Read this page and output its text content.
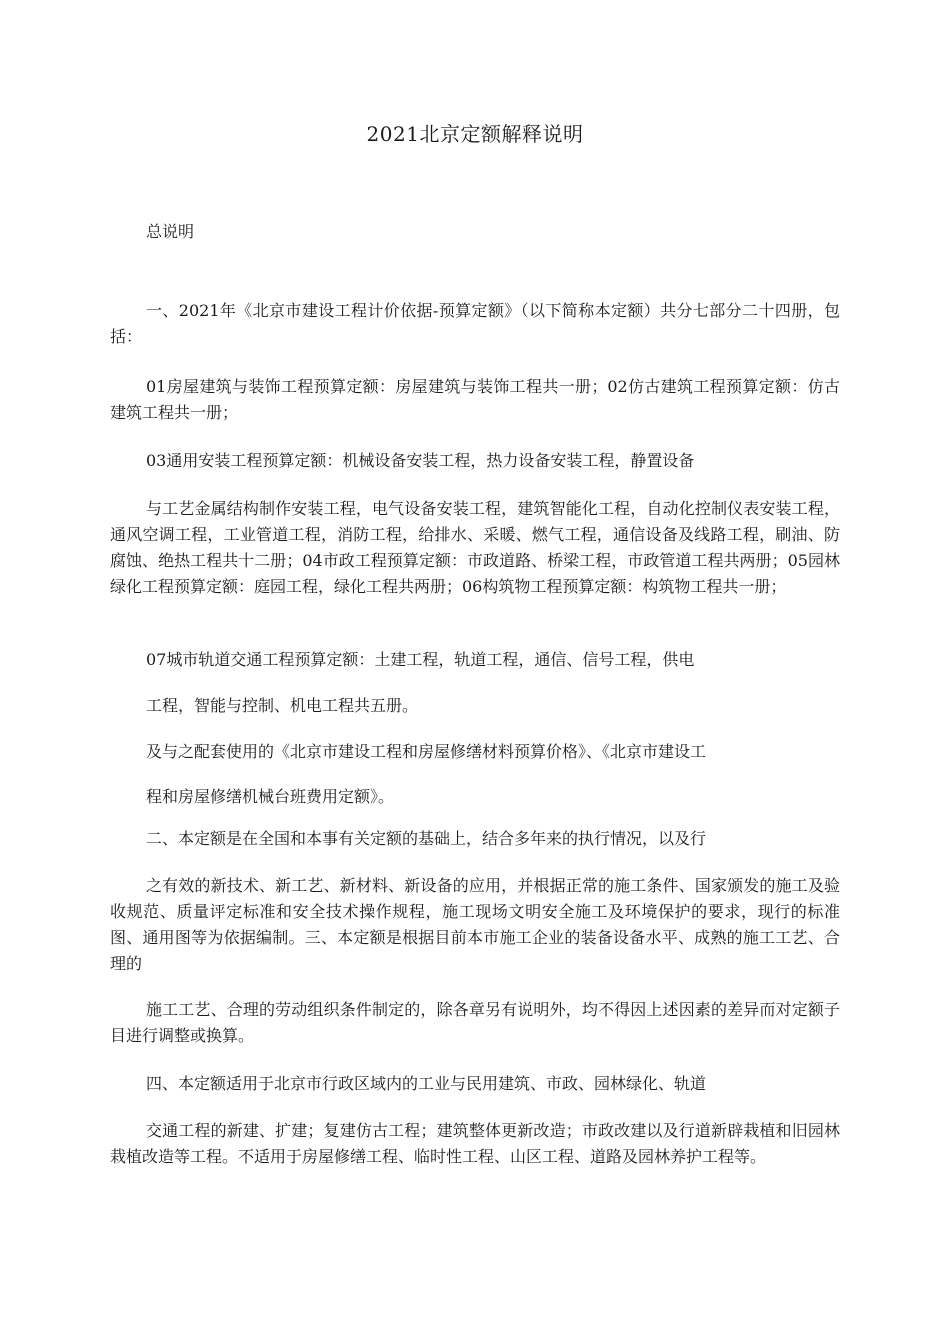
2021北京定额解释说明
总说明

一、2021年《北京市建设工程计价依据-预算定额》（以下简称本定额）共分七部分二十四册，包括：

01房屋建筑与装饰工程预算定额：房屋建筑与装饰工程共一册；02仿古建筑工程预算定额：仿古建筑工程共一册；

03通用安装工程预算定额：机械设备安装工程，热力设备安装工程，静置设备

与工艺金属结构制作安装工程，电气设备安装工程，建筑智能化工程，自动化控制仪表安装工程，通风空调工程，工业管道工程，消防工程，给排水、采暖、燃气工程，通信设备及线路工程，刷油、防腐蚀、绝热工程共十二册；04市政工程预算定额：市政道路、桥梁工程，市政管道工程共两册；05园林绿化工程预算定额：庭园工程，绿化工程共两册；06构筑物工程预算定额：构筑物工程共一册；

07城市轨道交通工程预算定额：土建工程，轨道工程，通信、信号工程，供电

工程，智能与控制、机电工程共五册。

及与之配套使用的《北京市建设工程和房屋修缮材料预算价格》、《北京市建设工

程和房屋修缮机械台班费用定额》。

二、本定额是在全国和本事有关定额的基础上，结合多年来的执行情况，以及行

之有效的新技术、新工艺、新材料、新设备的应用，并根据正常的施工条件、国家颁发的施工及验收规范、质量评定标准和安全技术操作规程，施工现场文明安全施工及环境保护的要求，现行的标准图、通用图等为依据编制。三、本定额是根据目前本市施工企业的装备设备水平、成熟的施工工艺、合理的

施工工艺、合理的劳动组织条件制定的，除各章另有说明外，均不得因上述因素的差异而对定额子目进行调整或换算。

四、本定额适用于北京市行政区域内的工业与民用建筑、市政、园林绿化、轨道

交通工程的新建、扩建；复建仿古工程；建筑整体更新改造；市政改建以及行道新辟栽植和旧园林栽植改造等工程。不适用于房屋修缮工程、临时性工程、山区工程、道路及园林养护工程等。
